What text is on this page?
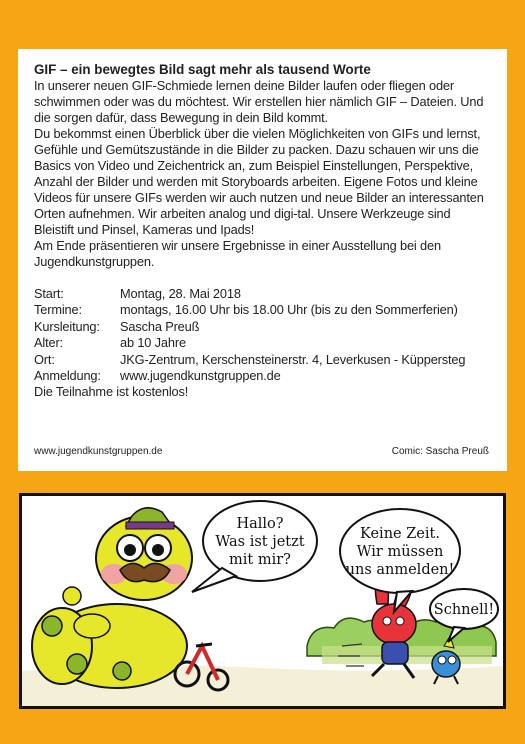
GIF – ein bewegtes Bild sagt mehr als tausend Worte

In unserer neuen GIF-Schmiede lernen deine Bilder laufen oder fliegen oder schwimmen oder was du möchtest. Wir erstellen hier nämlich GIF – Dateien. Und die sorgen dafür, dass Bewegung in dein Bild kommt.

Du bekommst einen Überblick über die vielen Möglichkeiten von GIFs und lernst, Gefühle und Gemütszustände in die Bilder zu packen. Dazu schauen wir uns die Basics von Video und Zeichentrick an, zum Beispiel Einstellungen, Perspektive, Anzahl der Bilder und werden mit Storyboards arbeiten. Eigene Fotos und kleine Videos für unsere GIFs werden wir auch nutzen und neue Bilder an interessanten Orten aufnehmen. Wir arbeiten analog und digi-tal. Unsere Werkzeuge sind Bleistift und Pinsel, Kameras und Ipads!

Am Ende präsentieren wir unsere Ergebnisse in einer Ausstellung bei den Jugendkunstgruppen.

Start:	Montag, 28. Mai 2018
Termine:	montags, 16.00 Uhr bis 18.00 Uhr (bis zu den Sommerferien)
Kursleitung:	Sascha Preuß
Alter:	ab 10 Jahre
Ort:	JKG-Zentrum, Kerschensteinerstr. 4, Leverkusen - Küppersteg
Anmeldung:	www.jugendkunstgruppen.de
Die Teilnahme ist kostenlos!
www.jugendkunstgruppen.de	Comic: Sascha Preuß
Hallo?
Was ist jetzt
mit mir?
Keine Zeit.
Wir müssen
uns anmelden!
Schnell!
